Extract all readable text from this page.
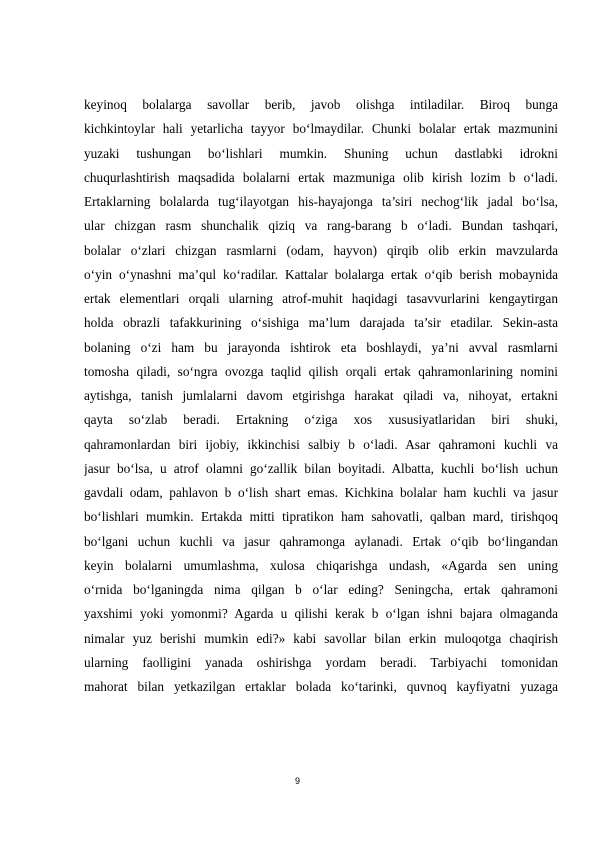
keyinoq bolalarga savollar berib, javob olishga intiladilar. Biroq bunga
kichkintoylar hali yetarlicha tayyor bo‘lmaydilar. Chunki bolalar ertak mazmunini
yuzaki tushungan bo‘lishlari mumkin. Shuning uchun dastlabki idrokni
chuqurlashtirish maqsadida bolalarni ertak mazmuniga olib kirish lozim b o‘ladi.
Ertaklarning bolalarda tug‘ilayotgan his-hayajonga ta’siri nechog‘lik jadal bo‘lsa,
ular chizgan rasm shunchalik qiziq va rang-barang b o‘ladi. Bundan tashqari,
bolalar o‘zlari chizgan rasmlarni (odam, hayvon) qirqib olib erkin mavzularda
o‘yin o‘ynashni ma’qul ko‘radilar. Kattalar bolalarga ertak o‘qib berish mobaynida
ertak elementlari orqali ularning atrof-muhit haqidagi tasavvurlarini kengaytirgan
holda obrazli tafakkurining o‘sishiga ma’lum darajada ta’sir etadilar. Sekin-asta
bolaning o‘zi ham bu jarayonda ishtirok eta boshlaydi, ya’ni avval rasmlarni
tomosha qiladi, so‘ngra ovozga taqlid qilish orqali ertak qahramonlarining nomini
aytishga, tanish jumlalarni davom etgirishga harakat qiladi va, nihoyat, ertakni
qayta so‘zlab beradi. Ertakning o‘ziga xos xususiyatlaridan biri shuki,
qahramonlardan biri ijobiy, ikkinchisi salbiy b o‘ladi. Asar qahramoni kuchli va
jasur bo‘lsa, u atrof olamni go‘zallik bilan boyitadi. Albatta, kuchli bo‘lish uchun
gavdali odam, pahlavon b o‘lish shart emas. Kichkina bolalar ham kuchli va jasur
bo‘lishlari mumkin. Ertakda mitti tipratikon ham sahovatli, qalban mard, tirishqoq
bo‘lgani uchun kuchli va jasur qahramonga aylanadi. Ertak o‘qib bo‘lingandan
keyin bolalarni umumlashma, xulosa chiqarishga undash, «Agarda sen uning
o‘rnida bo‘lganingda nima qilgan b o‘lar eding? Seningcha, ertak qahramoni
yaxshimi yoki yomonmi? Agarda u qilishi kerak b o‘lgan ishni bajara olmaganda
nimalar yuz berishi mumkin edi?» kabi savollar bilan erkin muloqotga chaqirish
ularning faolligini yanada oshirishga yordam beradi. Tarbiyachi tomonidan
mahorat bilan yetkazilgan ertaklar bolada ko‘tarinki, quvnoq kayfiyatni yuzaga
9
